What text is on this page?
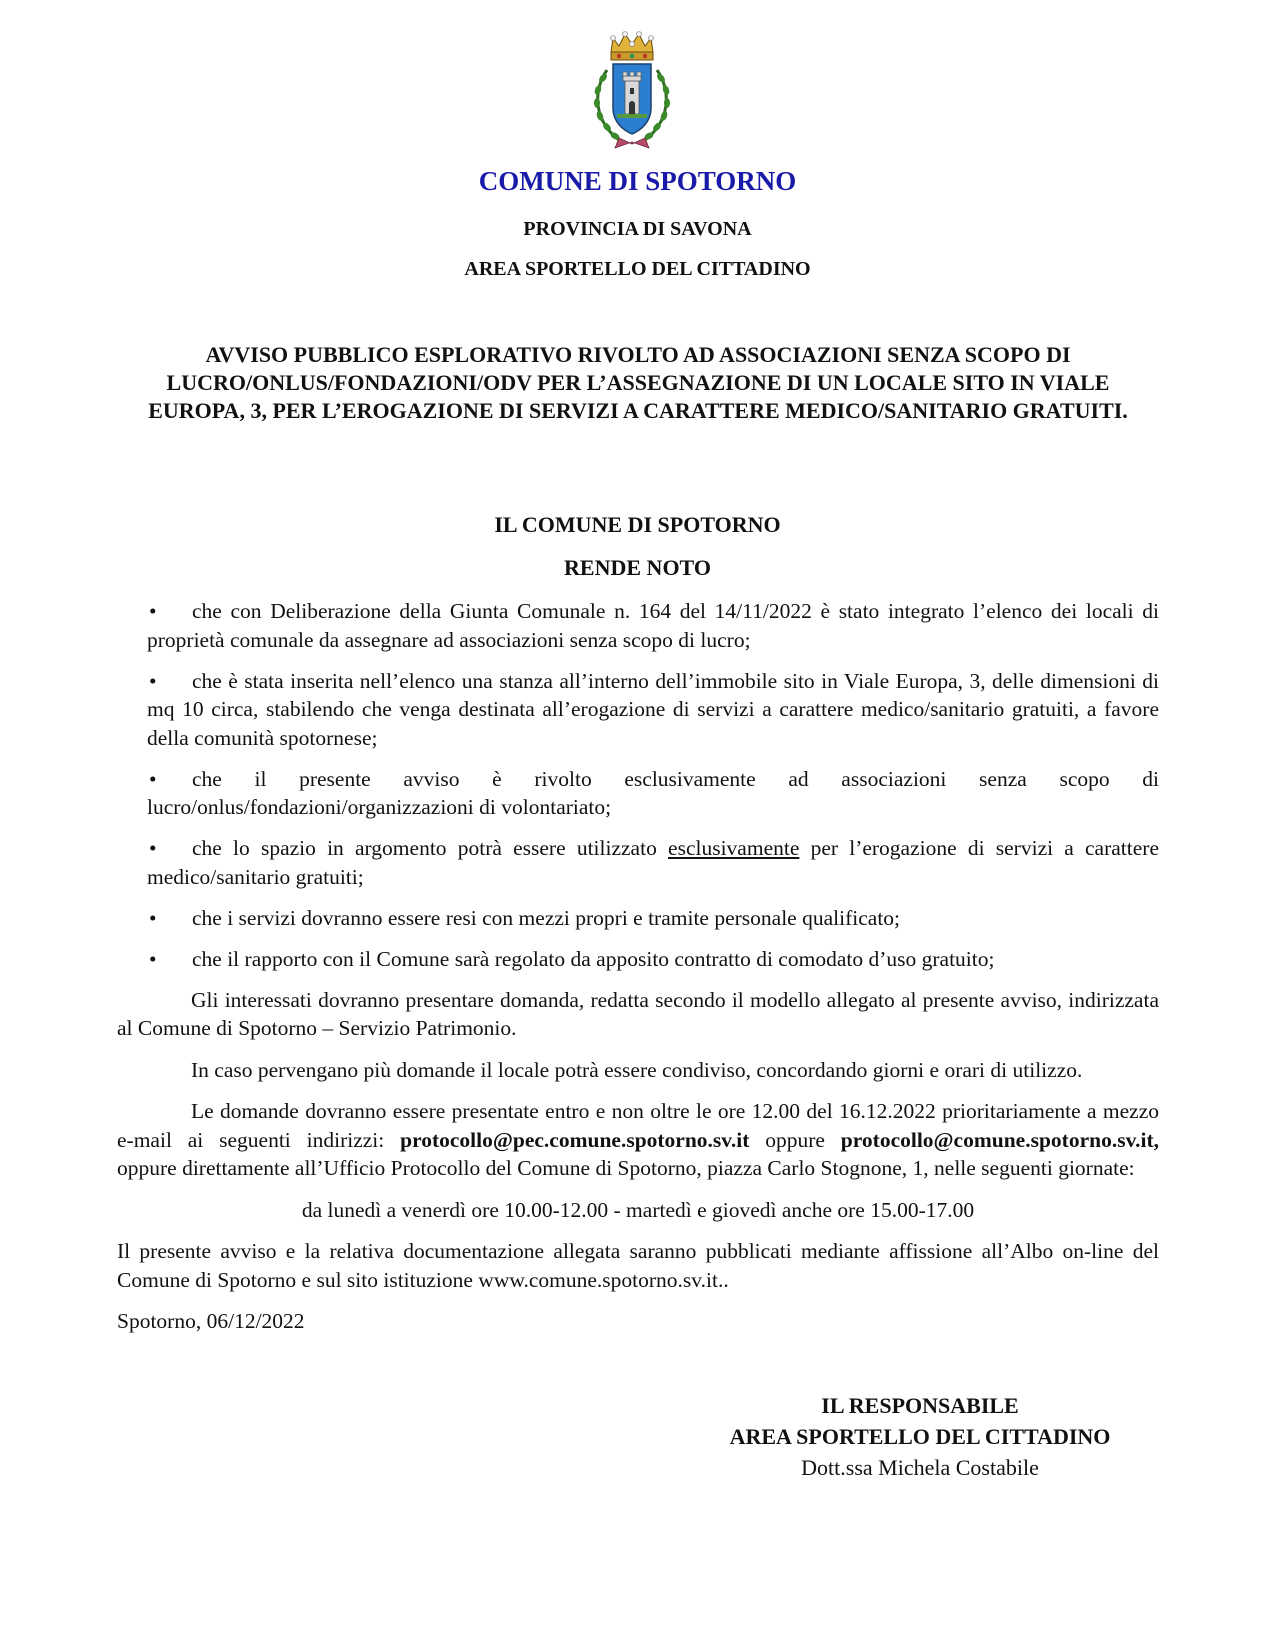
COMUNE DI SPOTORNO
PROVINCIA DI SAVONA
AREA SPORTELLO DEL CITTADINO
AVVISO PUBBLICO ESPLORATIVO RIVOLTO AD ASSOCIAZIONI SENZA SCOPO DI LUCRO/ONLUS/FONDAZIONI/ODV PER L’ASSEGNAZIONE DI UN LOCALE SITO IN VIALE EUROPA, 3, PER L’EROGAZIONE DI SERVIZI A CARATTERE MEDICO/SANITARIO GRATUITI.
IL COMUNE DI SPOTORNO
RENDE NOTO

•	che con Deliberazione della Giunta Comunale n. 164 del 14/11/2022 è stato integrato l’elenco dei locali di proprietà comunale da assegnare ad associazioni senza scopo di lucro;

•	che è stata inserita nell’elenco una stanza all’interno dell’immobile sito in Viale Europa, 3, delle dimensioni di mq 10 circa, stabilendo che venga destinata all’erogazione di servizi a carattere medico/sanitario gratuiti, a favore della comunità spotornese;

•	che il presente avviso è rivolto esclusivamente ad associazioni senza scopo di lucro/onlus/fondazioni/organizzazioni di volontariato;

•	che lo spazio in argomento potrà essere utilizzato esclusivamente per l’erogazione di servizi a carattere medico/sanitario gratuiti;

•	che i servizi dovranno essere resi con mezzi propri e tramite personale qualificato;

•	che il rapporto con il Comune sarà regolato da apposito contratto di comodato d’uso gratuito;

Gli interessati dovranno presentare domanda, redatta secondo il modello allegato al presente avviso, indirizzata al Comune di Spotorno – Servizio Patrimonio.

In caso pervengano più domande il locale potrà essere condiviso, concordando giorni e orari di utilizzo.

Le domande dovranno essere presentate entro e non oltre le ore 12.00 del 16.12.2022 prioritariamente a mezzo e-mail ai seguenti indirizzi: protocollo@pec.comune.spotorno.sv.it oppure protocollo@comune.spotorno.sv.it, oppure direttamente all’Ufficio Protocollo del Comune di Spotorno, piazza Carlo Stognone, 1, nelle seguenti giornate:

da lunedì a venerdì ore 10.00-12.00 - martedì e giovedì anche ore 15.00-17.00

Il presente avviso e la relativa documentazione allegata saranno pubblicati mediante affissione all’Albo on-line del Comune di Spotorno e sul sito istituzione www.comune.spotorno.sv.it..

Spotorno, 06/12/2022

IL RESPONSABILE
AREA SPORTELLO DEL CITTADINO
Dott.ssa Michela Costabile
